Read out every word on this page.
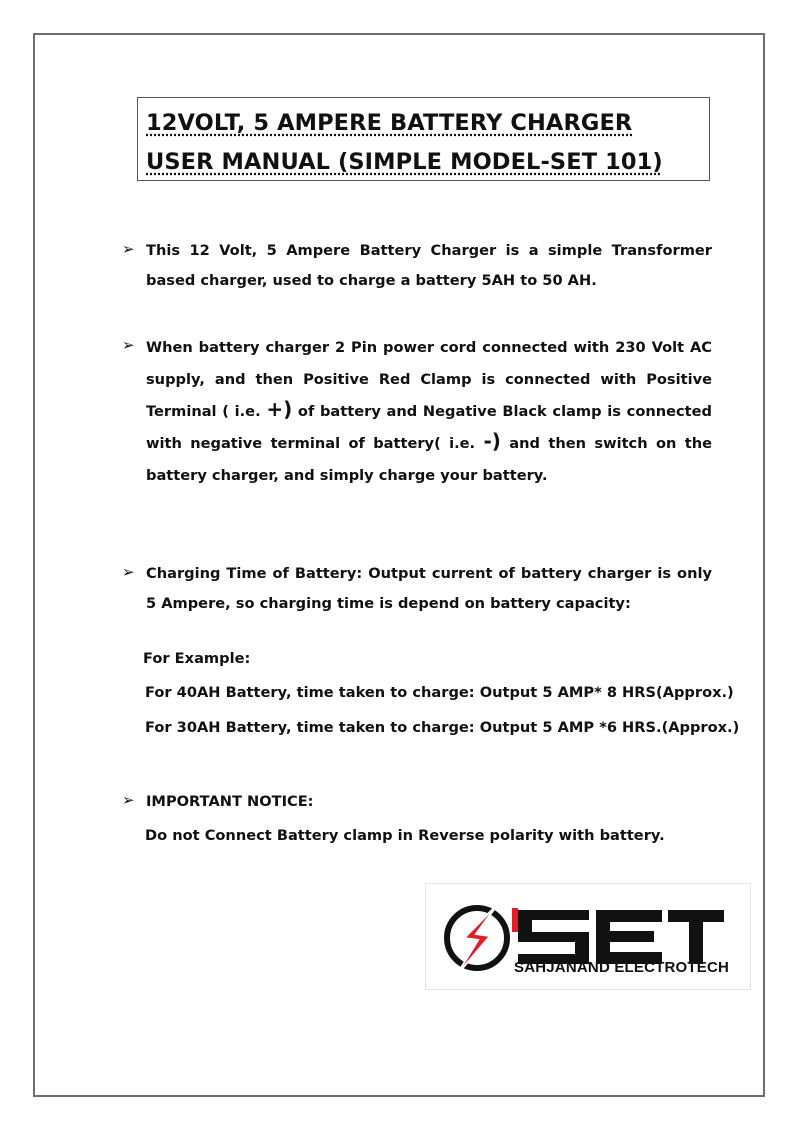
12VOLT, 5 AMPERE BATTERY CHARGER
USER MANUAL (SIMPLE MODEL-SET 101)
➢ This 12 Volt, 5 Ampere Battery Charger is a simple Transformer based charger, used to charge a battery 5AH to 50 AH.
➢ When battery charger 2 Pin power cord connected with 230 Volt AC supply, and then Positive Red Clamp is connected with Positive Terminal ( i.e. +) of battery and Negative Black clamp is connected with negative terminal of battery( i.e. -) and then switch on the battery charger, and simply charge your battery.
➢ Charging Time of Battery: Output current of battery charger is only 5 Ampere, so charging time is depend on battery capacity:
For Example:
For 40AH Battery, time taken to charge: Output 5 AMP* 8 HRS(Approx.)
For 30AH Battery, time taken to charge: Output 5 AMP *6 HRS.(Approx.)
➢ IMPORTANT NOTICE:
Do not Connect Battery clamp in Reverse polarity with battery.
SAHJANAND ELECTROTECH
